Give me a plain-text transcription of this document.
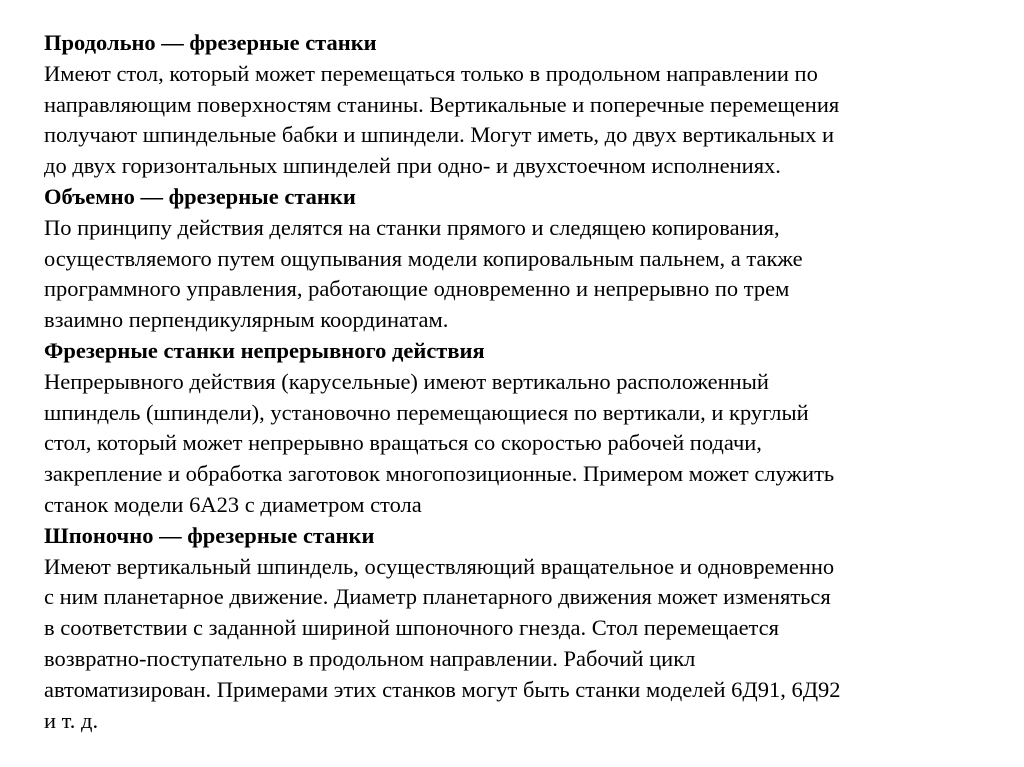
Продольно — фрезерные станки

Имеют стол, который может перемещаться только в продольном направлении по

направляющим поверхностям станины. Вертикальные и поперечные перемещения

получают шпиндельные бабки и шпиндели. Могут иметь, до двух вертикальных и

до двух горизонтальных шпинделей при одно- и двухстоечном исполнениях.

Объемно — фрезерные станки

По принципу действия делятся на станки прямого и следящею копирования,

осуществляемого путем ощупывания модели копировальным пальнем, а также

программного управления, работающие одновременно и непрерывно по трем

взаимно перпендикулярным координатам.

Фрезерные станки непрерывного действия

Непрерывного действия (карусельные) имеют вертикально расположенный

шпиндель (шпиндели), установочно перемещающиеся по вертикали, и круглый

стол, который может непрерывно вращаться со скоростью рабочей подачи,

закрепление и обработка заготовок многопозиционные. Примером может служить

станок модели 6А23 с диаметром стола

Шпоночно — фрезерные станки

Имеют вертикальный шпиндель, осуществляющий вращательное и одновременно

с ним планетарное движение. Диаметр планетарного движения может изменяться

в соответствии с заданной шириной шпоночного гнезда. Стол перемещается

возвратно-поступательно в продольном направлении. Рабочий цикл

автоматизирован. Примерами этих станков могут быть станки моделей 6Д91, 6Д92

и т. д.
